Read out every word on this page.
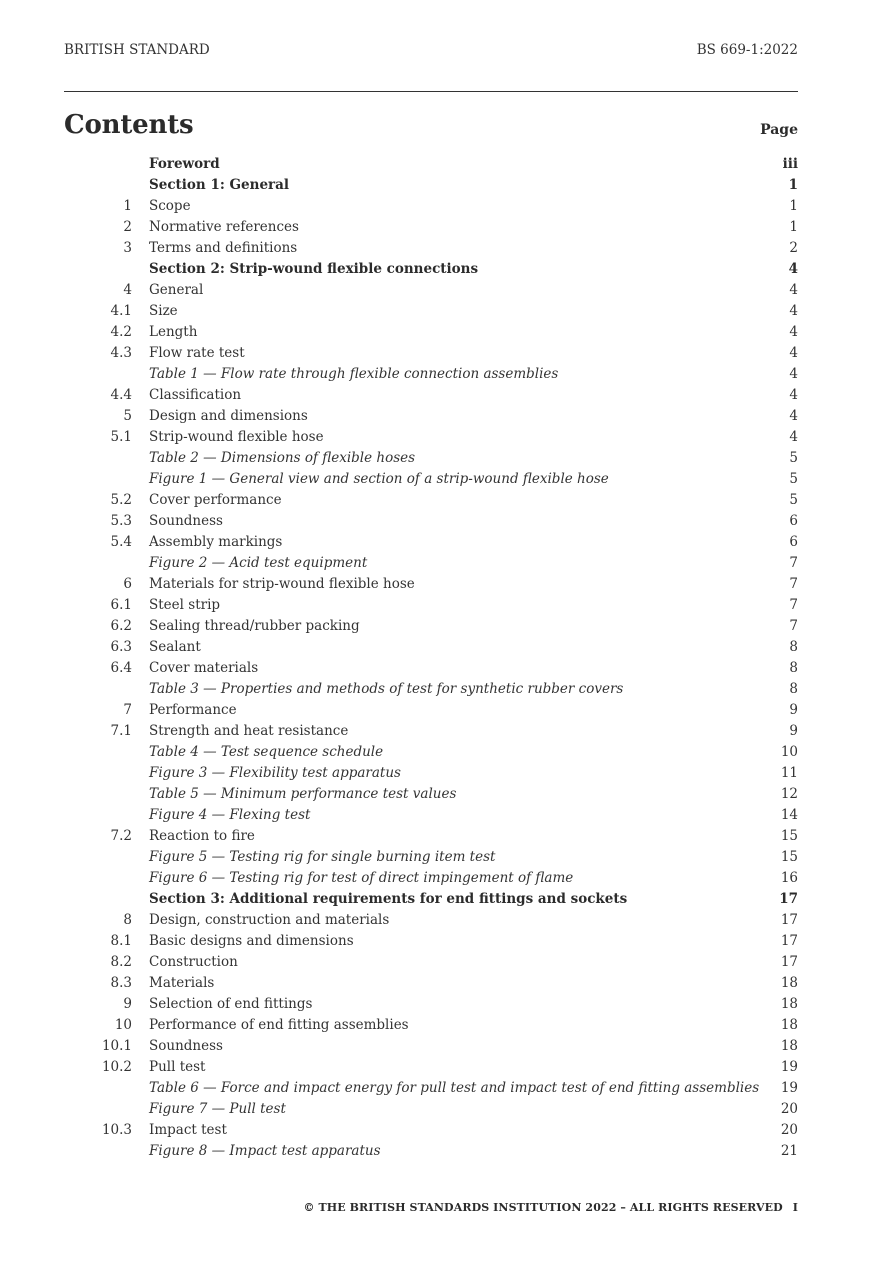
BRITISH STANDARD	BS 669-1:2022
Contents	Page
Foreword	iii
Section 1: General	1
1 Scope	1
2 Normative references	1
3 Terms and definitions	2
Section 2: Strip-wound flexible connections	4
4 General	4
4.1 Size	4
4.2 Length	4
4.3 Flow rate test	4
Table 1 — Flow rate through flexible connection assemblies	4
4.4 Classification	4
5 Design and dimensions	4
5.1 Strip-wound flexible hose	4
Table 2 — Dimensions of flexible hoses	5
Figure 1 — General view and section of a strip-wound flexible hose	5
5.2 Cover performance	5
5.3 Soundness	6
5.4 Assembly markings	6
Figure 2 — Acid test equipment	7
6 Materials for strip-wound flexible hose	7
6.1 Steel strip	7
6.2 Sealing thread/rubber packing	7
6.3 Sealant	8
6.4 Cover materials	8
Table 3 — Properties and methods of test for synthetic rubber covers	8
7 Performance	9
7.1 Strength and heat resistance	9
Table 4 — Test sequence schedule	10
Figure 3 — Flexibility test apparatus	11
Table 5 — Minimum performance test values	12
Figure 4 — Flexing test	14
7.2 Reaction to fire	15
Figure 5 — Testing rig for single burning item test	15
Figure 6 — Testing rig for test of direct impingement of flame	16
Section 3: Additional requirements for end fittings and sockets	17
8 Design, construction and materials	17
8.1 Basic designs and dimensions	17
8.2 Construction	17
8.3 Materials	18
9 Selection of end fittings	18
10 Performance of end fitting assemblies	18
10.1 Soundness	18
10.2 Pull test	19
Table 6 — Force and impact energy for pull test and impact test of end fitting assemblies 19
Figure 7 — Pull test	20
10.3 Impact test	20
Figure 8 — Impact test apparatus	21
© THE BRITISH STANDARDS INSTITUTION 2022 – ALL RIGHTS RESERVED I
